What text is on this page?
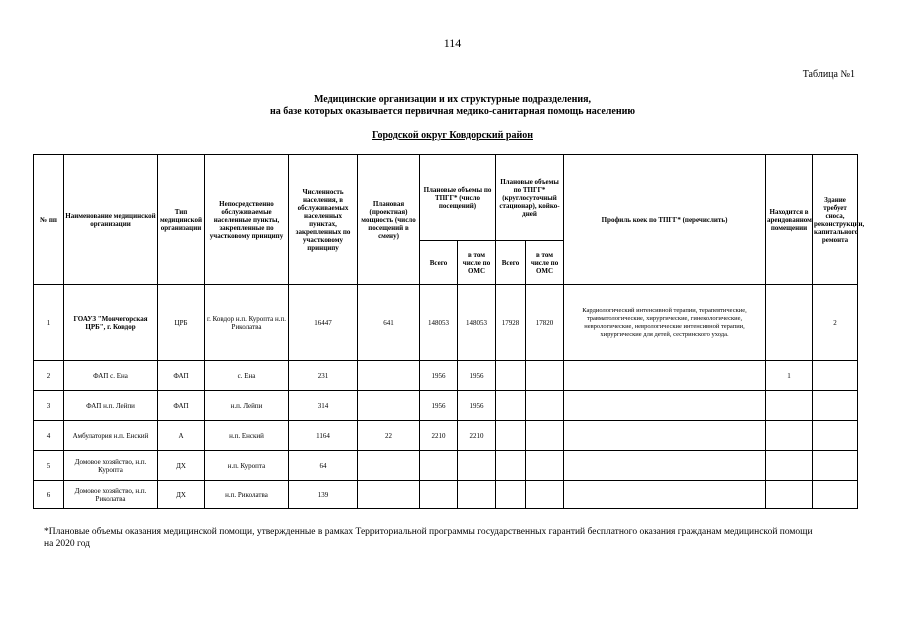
114
Таблица №1
Медицинские организации и их структурные подразделения,
на базе которых оказывается первичная медико-санитарная помощь населению
Городской округ Ковдорский район
№ пп	Наименование медицинской организации	Тип медицинской организации	Непосредственно обслуживаемые населенные пункты, закрепленные по участковому принципу	Численность населения, в обслуживаемых населенных пунктах, закрепленных по участковому принципу	Плановая (проектная) мощность (число посещений в смену)	Плановые объемы по ТПГГ* (число посещений)		Плановые объемы по ТПГГ* (круглосуточный стационар), койко-дней		Профиль коек по ТПГГ* (перечислить)	Находится в арендованном помещении	Здание требует сноса, реконструкции, капитального ремонта
						Всего	в том числе по ОМС	Всего	в том числе по ОМС			
1	ГОАУЗ "Мончегорская ЦРБ", г. Ковдор	ЦРБ	г. Ковдор н.п. Куропта н.п. Риколатва	16447	641	148053	148053	17928	17820	Кардиологический интенсивной терапии, терапевтические, травматологические, хирургические, гинекологические, неврологические, неврологические интенсивной терапии, хирургические для детей, сестринского ухода.		2
2	ФАП с. Ена	ФАП	с. Ена	231		1956	1956				1	
3	ФАП н.п. Лейпи	ФАП	н.п. Лейпи	314		1956	1956					
4	Амбулатория н.п. Енский	А	н.п. Енский	1164	22	2210	2210					
5	Домовое хозяйство, н.п. Куропта	ДХ	н.п. Куропта	64								
6	Домовое хозяйство, н.п. Риколатва	ДХ	н.п. Риколатва	139								
*Плановые объемы оказания медицинской помощи, утвержденные в рамках Территориальной программы государственных гарантий бесплатного оказания гражданам медицинской помощи на 2020 год
